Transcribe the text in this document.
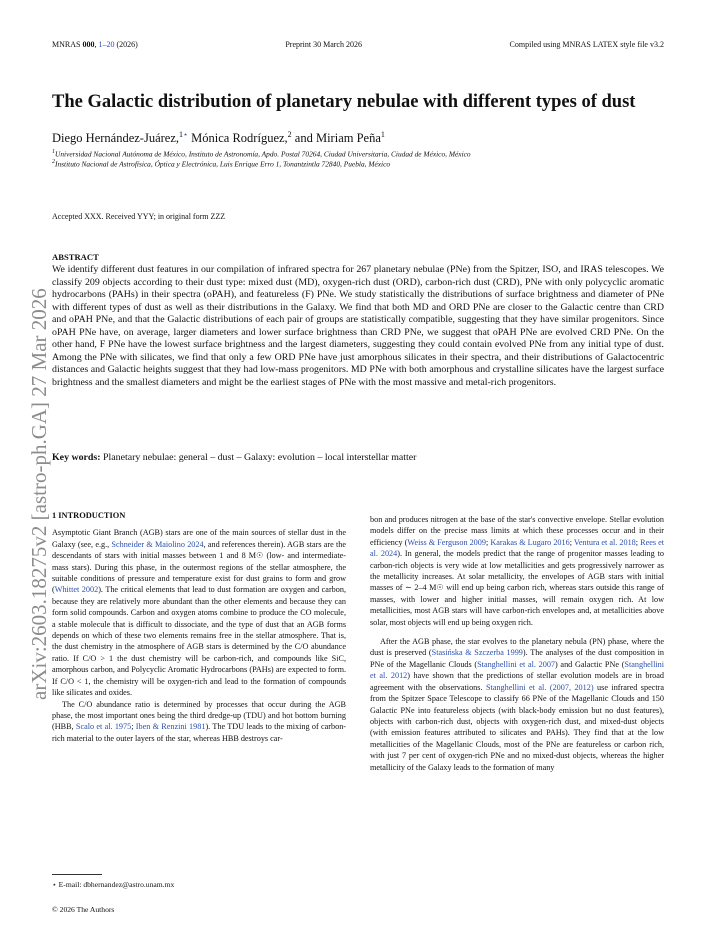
MNRAS 000, 1–20 (2026)	Preprint 30 March 2026	Compiled using MNRAS LATEX style file v3.2
The Galactic distribution of planetary nebulae with different types of dust
Diego Hernández-Juárez,$^{1⋆}$ Mónica Rodríguez,$^2$ and Miriam Peña$^1$
$^1$Universidad Nacional Autónoma de México, Instituto de Astronomía, Apdo. Postal 70264, Ciudad Universitaria, Ciudad de México, México
$^2$Instituto Nacional de Astrofísica, Óptica y Electrónica, Luis Enrique Erro 1, Tonantzintla 72840, Puebla, México
Accepted XXX. Received YYY; in original form ZZZ
ABSTRACT
We identify different dust features in our compilation of infrared spectra for 267 planetary nebulae (PNe) from the Spitzer, ISO, and IRAS telescopes. We classify 209 objects according to their dust type: mixed dust (MD), oxygen-rich dust (ORD), carbon-rich dust (CRD), PNe with only polycyclic aromatic hydrocarbons (PAHs) in their spectra (oPAH), and featureless (F) PNe. We study statistically the distributions of surface brightness and diameter of PNe with different types of dust as well as their distributions in the Galaxy. We find that both MD and ORD PNe are closer to the Galactic centre than CRD and oPAH PNe, and that the Galactic distributions of each pair of groups are statistically compatible, suggesting that they have similar progenitors. Since oPAH PNe have, on average, larger diameters and lower surface brightness than CRD PNe, we suggest that oPAH PNe are evolved CRD PNe. On the other hand, F PNe have the lowest surface brightness and the largest diameters, suggesting they could contain evolved PNe from any initial type of dust. Among the PNe with silicates, we find that only a few ORD PNe have just amorphous silicates in their spectra, and their distributions of Galactocentric distances and Galactic heights suggest that they had low-mass progenitors. MD PNe with both amorphous and crystalline silicates have the largest surface brightness and the smallest diameters and might be the earliest stages of PNe with the most massive and metal-rich progenitors.
Key words: Planetary nebulae: general – dust – Galaxy: evolution – local interstellar matter
arXiv:2603.18275v2 [astro-ph.GA] 27 Mar 2026 1 INTRODUCTION

Asymptotic Giant Branch (AGB) stars are one of the main sources of stellar dust in the Galaxy (see, e.g., Schneider & Maiolino 2024, and references therein). AGB stars are the descendants of stars with initial masses between 1 and 8 M☉ (low- and intermediate-mass stars). During this phase, in the outermost regions of the stellar atmosphere, the suitable conditions of pressure and temperature exist for dust grains to form and grow (Whittet 2002). The critical elements that lead to dust formation are oxygen and carbon, because they are relatively more abundant than the other elements and because they can form solid compounds. Carbon and oxygen atoms combine to produce the CO molecule, a stable molecule that is difficult to dissociate, and the type of dust that an AGB forms depends on which of these two elements remains free in the stellar atmosphere. That is, the dust chemistry in the atmosphere of AGB stars is determined by the C/O abundance ratio. If C/O > 1 the dust chemistry will be carbon-rich, and compounds like SiC, amorphous carbon, and Polycyclic Aromatic Hydrocarbons (PAHs) are expected to form. If C/O < 1, the chemistry will be oxygen-rich and lead to the formation of compounds like silicates and oxides.

The C/O abundance ratio is determined by processes that occur during the AGB phase, the most important ones being the third dredge-up (TDU) and hot bottom burning (HBB, Scalo et al. 1975; Iben & Renzini 1981). The TDU leads to the mixing of carbon-rich material to the outer layers of the star, whereas HBB destroys car-

bon and produces nitrogen at the base of the star's convective envelope. Stellar evolution models differ on the precise mass limits at which these processes occur and in their efficiency (Weiss & Ferguson 2009; Karakas & Lugaro 2016; Ventura et al. 2018; Rees et al. 2024). In general, the models predict that the range of progenitor masses leading to carbon-rich objects is very wide at low metallicities and gets progressively narrower as the metallicity increases. At solar metallicity, the envelopes of AGB stars with initial masses of ∼ 2–4 M☉ will end up being carbon rich, whereas stars outside this range of masses, with lower and higher initial masses, will remain oxygen rich. At low metallicities, most AGB stars will have carbon-rich envelopes and, at metallicities above solar, most objects will end up being oxygen rich.

After the AGB phase, the star evolves to the planetary nebula (PN) phase, where the dust is preserved (Stasińska & Szczerba 1999). The analyses of the dust composition in PNe of the Magellanic Clouds (Stanghellini et al. 2007) and Galactic PNe (Stanghellini et al. 2012) have shown that the predictions of stellar evolution models are in broad agreement with the observations. Stanghellini et al. (2007, 2012) use infrared spectra from the Spitzer Space Telescope to classify 66 PNe of the Magellanic Clouds and 150 Galactic PNe into featureless objects (with black-body emission but no dust features), objects with carbon-rich dust, objects with oxygen-rich dust, and mixed-dust objects (with emission features attributed to silicates and PAHs). They find that at the low metallicities of the Magellanic Clouds, most of the PNe are featureless or carbon rich, with just 7 per cent of oxygen-rich PNe and no mixed-dust objects, whereas the higher metallicity of the Galaxy leads to the formation of many

⋆ E-mail: dbhernandez@astro.unam.mx
© 2026 The Authors
